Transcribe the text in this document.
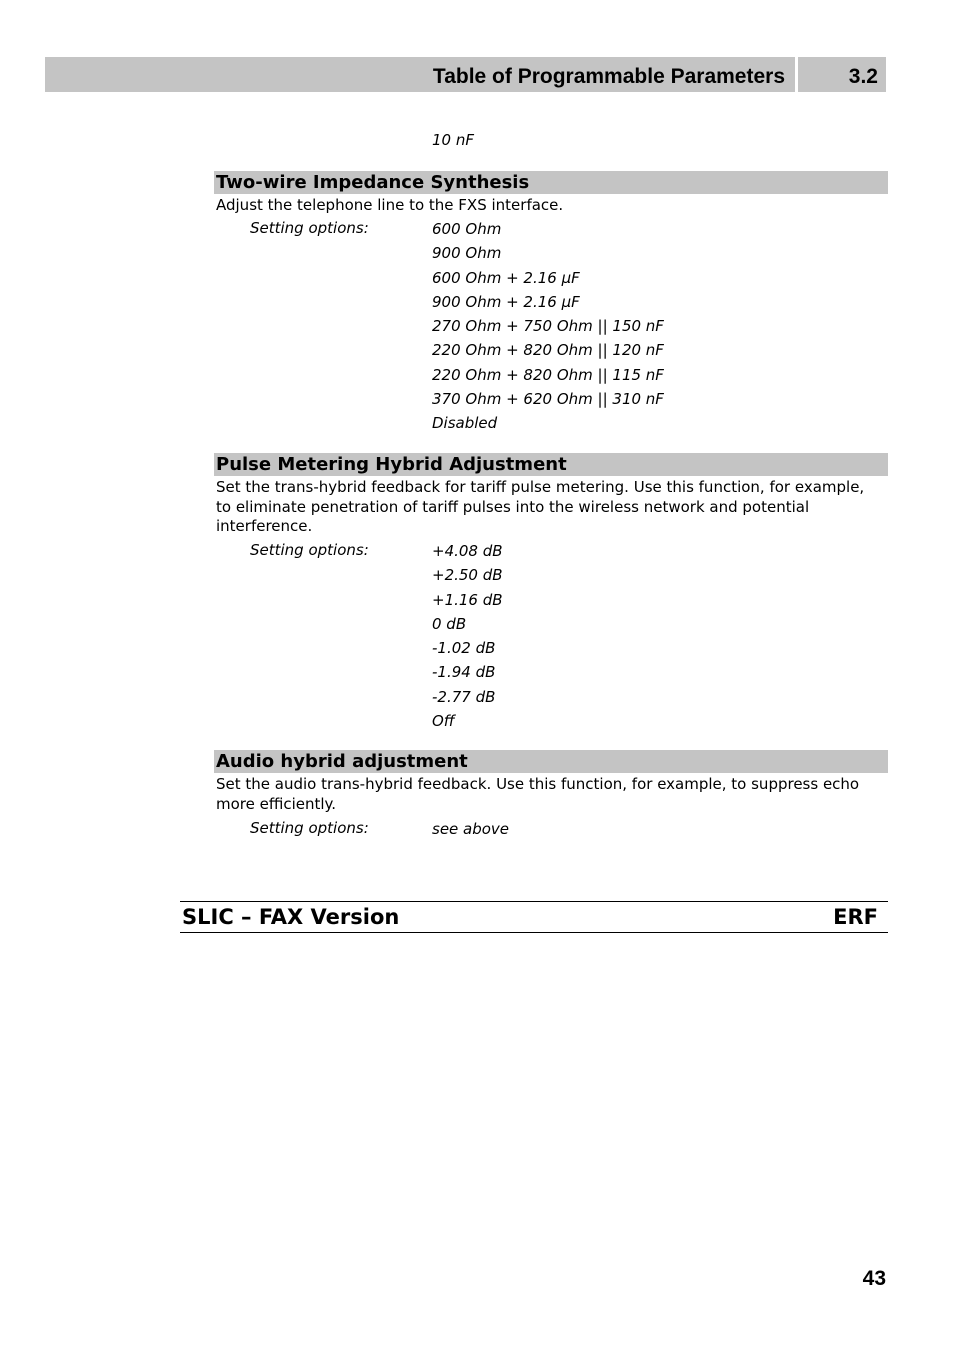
Table of Programmable Parameters	3.2
10 nF
Two-wire Impedance Synthesis
Adjust the telephone line to the FXS interface.
Setting options:	600 Ohm
900 Ohm
600 Ohm + 2.16 µF
900 Ohm + 2.16 µF
270 Ohm + 750 Ohm || 150 nF
220 Ohm + 820 Ohm || 120 nF
220 Ohm + 820 Ohm || 115 nF
370 Ohm + 620 Ohm || 310 nF
Disabled
Pulse Metering Hybrid Adjustment
Set the trans-hybrid feedback for tariff pulse metering. Use this function, for example, to eliminate penetration of tariff pulses into the wireless network and potential interference.
Setting options:	+4.08 dB
+2.50 dB
+1.16 dB
0 dB
-1.02 dB
-1.94 dB
-2.77 dB
Off
Audio hybrid adjustment
Set the audio trans-hybrid feedback. Use this function, for example, to suppress echo more efficiently.
Setting options:	see above
SLIC – FAX Version	ERF
43
